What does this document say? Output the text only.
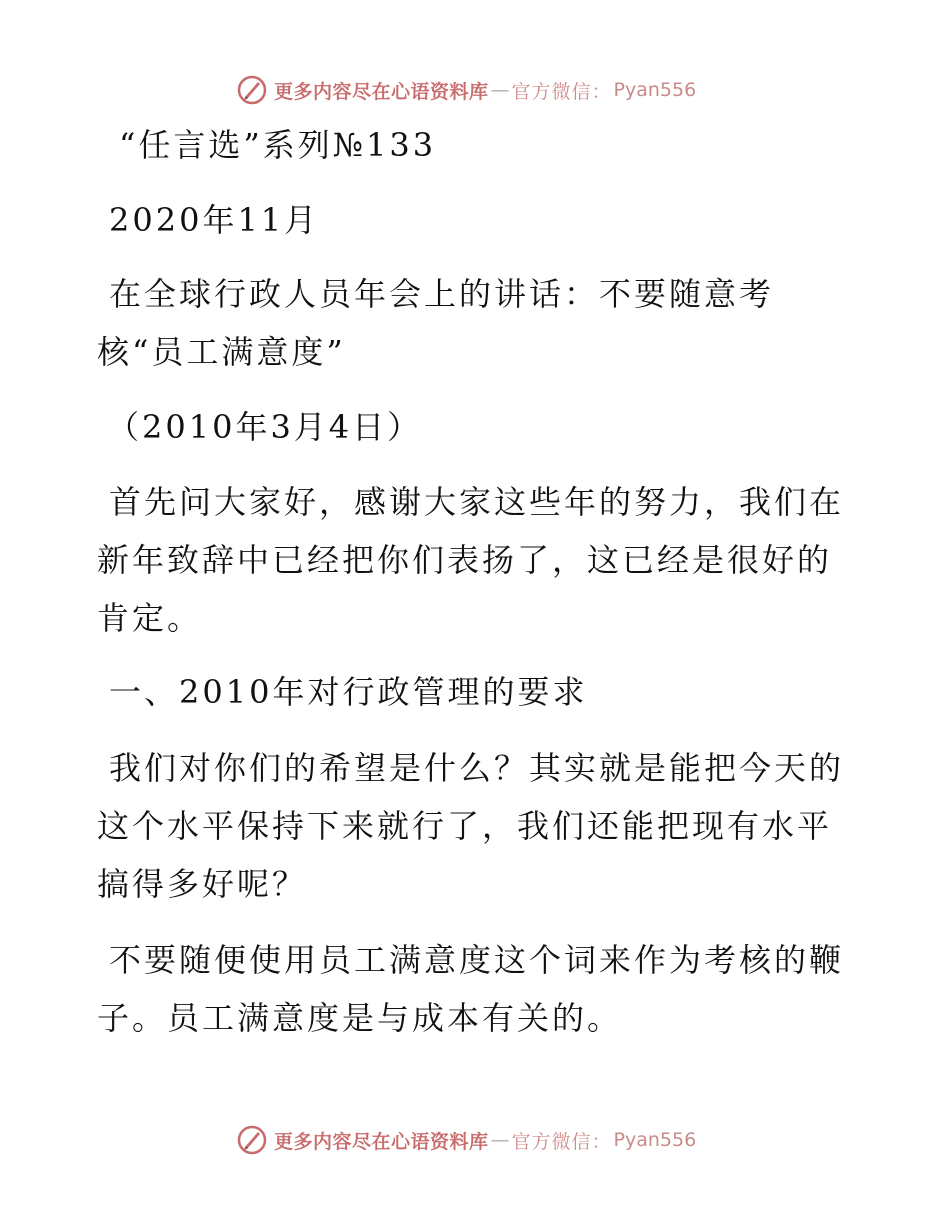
更多内容尽在心语资料库 — 官方微信： Pyan556
“任言选”系列№133
2020年11月
在全球行政人员年会上的讲话：不要随意考
核“员工满意度”
（2010年3月4日）

首先问大家好，感谢大家这些年的努力，我们在新年致辞中已经把你们表扬了，这已经是很好的肯定。

一、2010年对行政管理的要求

我们对你们的希望是什么？其实就是能把今天的这个水平保持下来就行了，我们还能把现有水平搞得多好呢？

不要随便使用员工满意度这个词来作为考核的鞭子。员工满意度是与成本有关的。

更多内容尽在心语资料库 — 官方微信： Pyan556
